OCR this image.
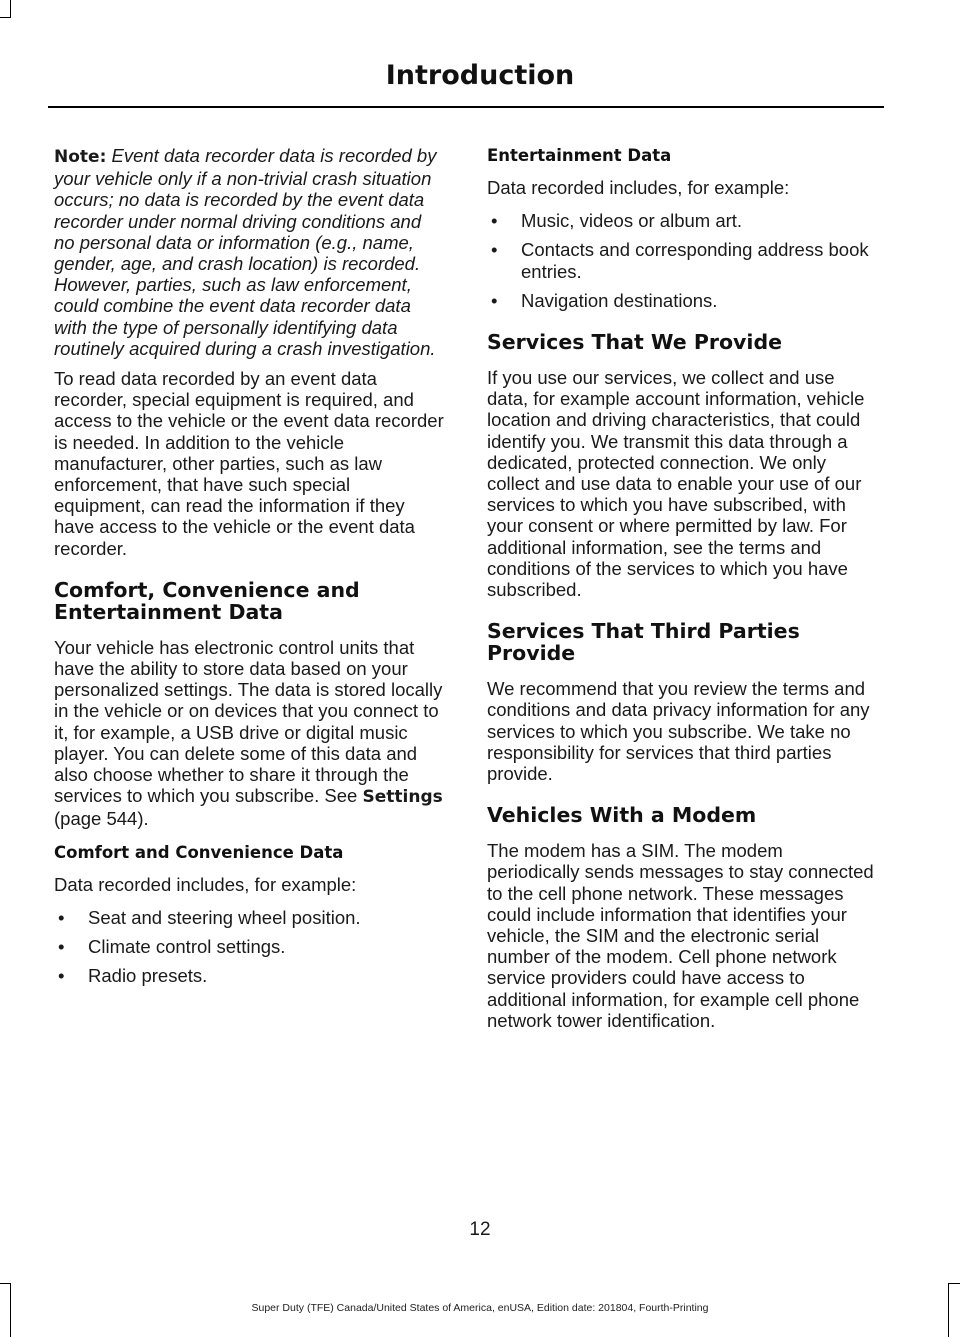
Introduction

Note: Event data recorder data is recorded by your vehicle only if a non-trivial crash situation occurs; no data is recorded by the event data recorder under normal driving conditions and no personal data or information (e.g., name, gender, age, and crash location) is recorded. However, parties, such as law enforcement, could combine the event data recorder data with the type of personally identifying data routinely acquired during a crash investigation.

To read data recorded by an event data recorder, special equipment is required, and access to the vehicle or the event data recorder is needed. In addition to the vehicle manufacturer, other parties, such as law enforcement, that have such special equipment, can read the information if they have access to the vehicle or the event data recorder.

Comfort, Convenience and Entertainment Data

Your vehicle has electronic control units that have the ability to store data based on your personalized settings. The data is stored locally in the vehicle or on devices that you connect to it, for example, a USB drive or digital music player. You can delete some of this data and also choose whether to share it through the services to which you subscribe. See Settings (page 544).

Comfort and Convenience Data

Data recorded includes, for example:

• Seat and steering wheel position.
• Climate control settings.
• Radio presets.
Entertainment Data

Data recorded includes, for example:

• Music, videos or album art.
• Contacts and corresponding address book entries.
• Navigation destinations.
Services That We Provide

If you use our services, we collect and use data, for example account information, vehicle location and driving characteristics, that could identify you. We transmit this data through a dedicated, protected connection. We only collect and use data to enable your use of our services to which you have subscribed, with your consent or where permitted by law. For additional information, see the terms and conditions of the services to which you have subscribed.

Services That Third Parties Provide

We recommend that you review the terms and conditions and data privacy information for any services to which you subscribe. We take no responsibility for services that third parties provide.

Vehicles With a Modem

The modem has a SIM. The modem periodically sends messages to stay connected to the cell phone network. These messages could include information that identifies your vehicle, the SIM and the electronic serial number of the modem. Cell phone network service providers could have access to additional information, for example cell phone network tower identification.

12
Super Duty (TFE) Canada/United States of America, enUSA, Edition date: 201804, Fourth-Printing
